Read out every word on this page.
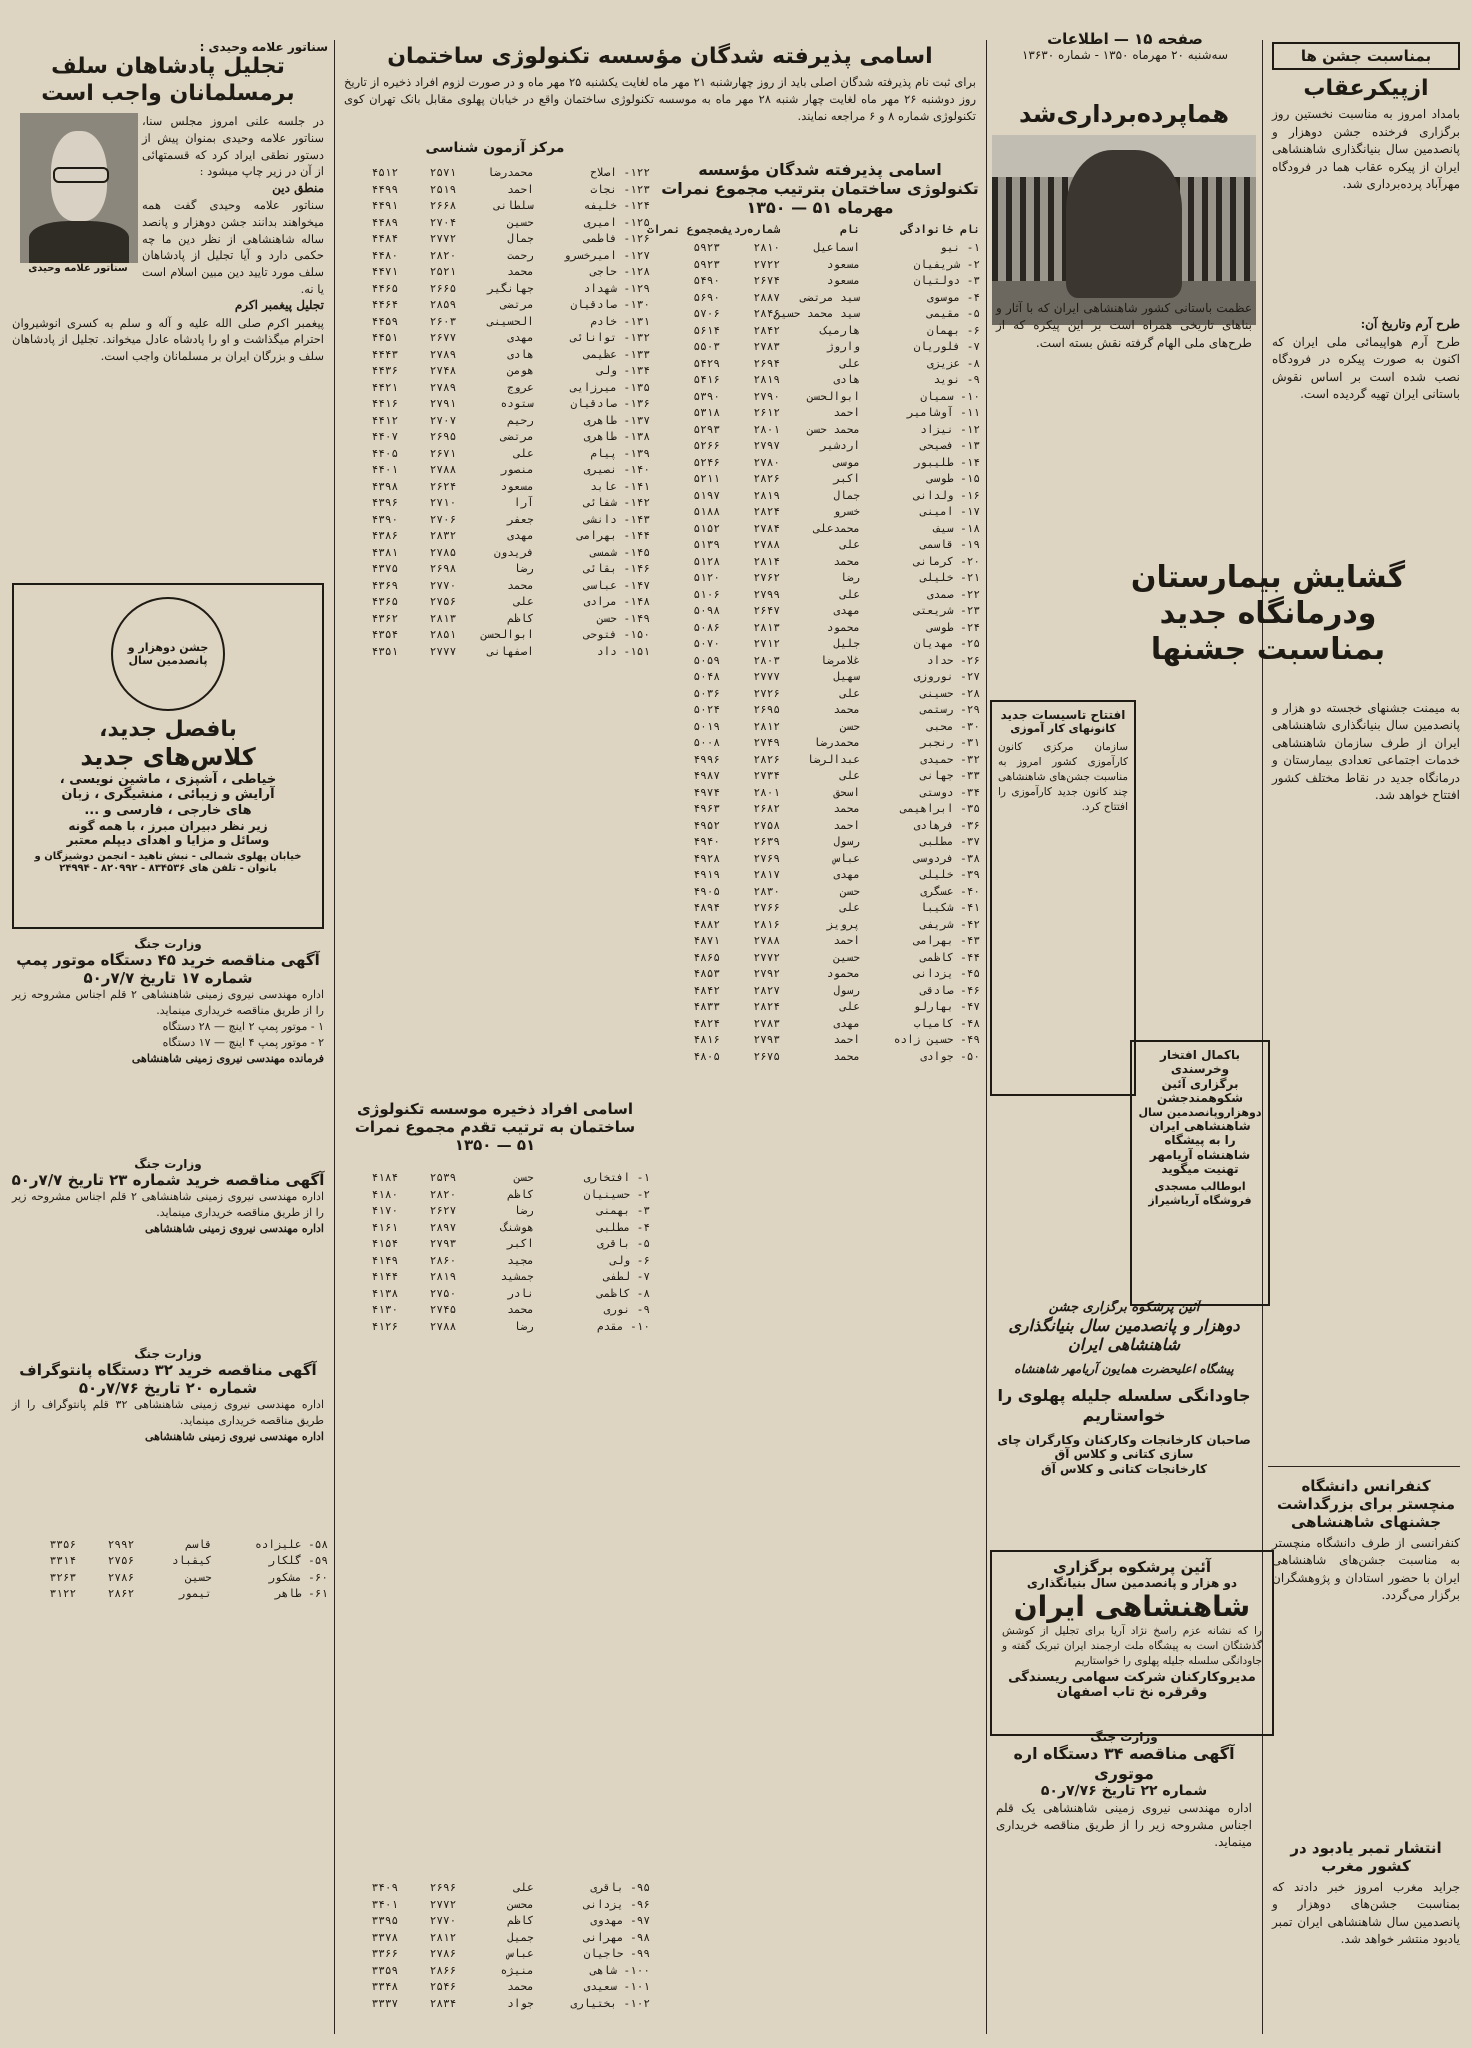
صفحه ۱۵ — اطلاعات
سه‌شنبه ۲۰ مهرماه ۱۳۵۰ - شماره ۱۳۶۳۰	بمناسبت جشن ها
ازپیکرعقاب
بامداد امروز به مناسبت نخستین روز برگزاری فرخنده جشن دوهزار و پانصدمین سال بنیانگذاری شاهنشاهی ایران از پیکره عقاب هما در فرودگاه مهرآباد پرده‌برداری شد.
طرح آرم وتاریخ آن:
طرح آرم هواپیمائی ملی ایران که اکنون به صورت پیکره در فرودگاه نصب شده است بر اساس نقوش باستانی ایران تهیه گردیده است.
هماپرده‌برداری‌شد
گشایش بیمارستان
ودرمانگاه جدید
بمناسبت جشنها
به میمنت جشنهای خجسته دو هزار و پانصدمین سال بنیانگذاری شاهنشاهی ایران از طرف سازمان شاهنشاهی خدمات اجتماعی تعدادی بیمارستان و درمانگاه جدید در نقاط مختلف کشور افتتاح خواهد شد.
کنفرانس دانشگاه منچستر برای بزرگداشت جشنهای شاهنشاهی
کنفرانسی از طرف دانشگاه منچستر به مناسبت جشن‌های شاهنشاهی ایران با حضور استادان و پژوهشگران برگزار می‌گردد.
انتشار تمبر یادبود در کشور مغرب
جراید مغرب امروز خبر دادند که بمناسبت جشن‌های دوهزار و پانصدمین سال شاهنشاهی ایران تمبر یادبود منتشر خواهد شد.
عظمت باستانی کشور شاهنشاهی ایران که با آثار و بناهای تاریخی همراه است بر این پیکره که از طرح‌های ملی الهام گرفته نقش بسته است.
افتتاح تاسیسات جدید
کانونهای کار آموزی
سازمان مرکزی کانون کارآموزی کشور امروز به مناسبت جشن‌های شاهنشاهی چند کانون جدید کارآموزی را افتتاح کرد.
باکمال افتخار
وخرسندی
برگزاری آئین
شکوهمندجشن
دوهزاروپانصدمین سال
شاهنشاهی ایران
را به پیشگاه
شاهنشاه آریامهر
تهنیت میگوید
ابوطالب مسجدی
فروشگاه آریاشیراز
آئین پرشکوه برگزاری جشن
دوهزار و پانصدمین سال بنیانگذاری
شاهنشاهی ایران
پیشگاه اعلیحضرت همایون آریامهر شاهنشاه
جاودانگی سلسله جلیله پهلوی را خواستاریم
صاحبان کارخانجات وکارکنان وکارگران چای سازی کتانی و کلاس آق
کارخانجات کتانی و کلاس آق
آئین پرشکوه برگزاری
دو هزار و پانصدمین سال بنیانگذاری
شاهنشاهی ایران
را که نشانه عزم راسخ نژاد آریا برای تجلیل از کوشش گذشتگان است به پیشگاه ملت ارجمند ایران تبریک گفته و جاودانگی سلسله جلیله پهلوی را خواستاریم
مدیروکارکنان شرکت سهامی ریسندگی وقرقره نخ تاب اصفهان
وزارت جنگ
آگهی مناقصه ۳۴ دستگاه اره موتوری
شماره ۲۲ تاریخ ۷/۷۶ر۵۰
اداره مهندسی نیروی زمینی شاهنشاهی یک قلم اجناس مشروحه زیر را از طریق مناقصه خریداری مینماید.
اسامی پذیرفته شدگان مؤسسه تکنولوژی ساختمان
برای ثبت نام پذیرفته شدگان اصلی باید از روز چهارشنبه ۲۱ مهر ماه لغایت یکشنبه ۲۵ مهر ماه و در صورت لزوم افراد ذخیره از تاریخ روز دوشنبه ۲۶ مهر ماه لغایت چهار شنبه ۲۸ مهر ماه به موسسه تکنولوژی ساختمان واقع در خیابان پهلوی مقابل بانک تهران کوی تکنولوژی شماره ۸ و ۶ مراجعه نمایند.
اسامی پذیرفته شدگان مؤسسه تکنولوژی ساختمان بترتیب مجموع نمرات
مهرماه ۵۱ — ۱۳۵۰
نام خانوادگی
نام
شماره‌ردیف
مجموع نمرات
۱- نیو
اسماعیل
۲۸۱۰
۵۹۲۳
۲- شریفیان
مسعود
۲۷۲۲
۵۹۲۳
۳- دولتیان
مسعود
۲۶۷۴
۵۴۹۰
۴- موسوی
سید مرتضی
۲۸۸۷
۵۶۹۰
۵- مقیمی
سید محمد حسین
۲۸۴۶
۵۷۰۶
۶- بهمان
هارمیک
۲۸۴۲
۵۶۱۴
۷- فلوریان
واروژ
۲۷۸۳
۵۵۰۳
۸- عزیزی
علی
۲۶۹۴
۵۴۲۹
۹- نوید
هادی
۲۸۱۹
۵۴۱۶
۱۰- سمیان
ابوالحسن
۲۷۹۰
۵۳۹۰
۱۱- آوشامیر
احمد
۲۶۱۲
۵۳۱۸
۱۲- نیزاد
محمد حسن
۲۸۰۱
۵۲۹۳
۱۳- فصیحی
اردشیر
۲۷۹۷
۵۲۶۶
۱۴- طلیبور
موسی
۲۷۸۰
۵۲۴۶
۱۵- طوسی
اکبر
۲۸۲۶
۵۲۱۱
۱۶- ولدانی
جمال
۲۸۱۹
۵۱۹۷
۱۷- امینی
خسرو
۲۸۲۴
۵۱۸۸
۱۸- سیف
محمدعلی
۲۷۸۴
۵۱۵۲
۱۹- قاسمی
علی
۲۷۸۸
۵۱۳۹
۲۰- کرمانی
محمد
۲۸۱۴
۵۱۲۸
۲۱- خلیلی
رضا
۲۷۶۲
۵۱۲۰
۲۲- صمدی
علی
۲۷۹۹
۵۱۰۶
۲۳- شریعتی
مهدی
۲۶۴۷
۵۰۹۸
۲۴- طوسی
محمود
۲۸۱۳
۵۰۸۶
۲۵- مهدیان
جلیل
۲۷۱۲
۵۰۷۰
۲۶- حداد
غلامرضا
۲۸۰۳
۵۰۵۹
۲۷- نوروزی
سهیل
۲۷۷۷
۵۰۴۸
۲۸- حسینی
علی
۲۷۲۶
۵۰۳۶
۲۹- رستمی
محمد
۲۶۹۵
۵۰۲۴
۳۰- محبی
حسن
۲۸۱۲
۵۰۱۹
۳۱- رنجبر
محمدرضا
۲۷۴۹
۵۰۰۸
۳۲- حمیدی
عبدالرضا
۲۸۲۶
۴۹۹۶
۳۳- جهانی
علی
۲۷۳۴
۴۹۸۷
۳۴- دوستی
اسحق
۲۸۰۱
۴۹۷۴
۳۵- ابراهیمی
محمد
۲۶۸۲
۴۹۶۳
۳۶- فرهادی
احمد
۲۷۵۸
۴۹۵۲
۳۷- مطلبی
رسول
۲۶۳۹
۴۹۴۰
۳۸- فردوسی
عباس
۲۷۶۹
۴۹۲۸
۳۹- خلیلی
مهدی
۲۸۱۷
۴۹۱۹
۴۰- عسگری
حسن
۲۸۳۰
۴۹۰۵
۴۱- شکیبا
علی
۲۷۶۶
۴۸۹۴
۴۲- شریفی
پرویز
۲۸۱۶
۴۸۸۲
۴۳- بهرامی
احمد
۲۷۸۸
۴۸۷۱
۴۴- کاظمی
حسین
۲۷۷۲
۴۸۶۵
۴۵- یزدانی
محمود
۲۷۹۲
۴۸۵۳
۴۶- صادقی
رسول
۲۸۲۷
۴۸۴۲
۴۷- بهارلو
علی
۲۸۲۴
۴۸۳۳
۴۸- کامیاب
مهدی
۲۷۸۳
۴۸۲۴
۴۹- حسین زاده
احمد
۲۷۹۳
۴۸۱۶
۵۰- جوادی
محمد
۲۶۷۵
۴۸۰۵
مرکز آزمون شناسی
۱۲۲- اصلاح
محمدرضا
۲۵۷۱
۴۵۱۲
۱۲۳- نجات
احمد
۲۵۱۹
۴۴۹۹
۱۲۴- خلیفه
سلطانی
۲۶۶۸
۴۴۹۱
۱۲۵- امیری
حسین
۲۷۰۴
۴۴۸۹
۱۲۶- فاطمی
جمال
۲۷۷۲
۴۴۸۴
۱۲۷- امیرخسرو
رحمت
۲۸۲۰
۴۴۸۰
۱۲۸- حاجی
محمد
۲۵۲۱
۴۴۷۱
۱۲۹- شهداد
جهانگیر
۲۶۶۵
۴۴۶۵
۱۳۰- صادقیان
مرتضی
۲۸۵۹
۴۴۶۴
۱۳۱- خادم
الحسینی
۲۶۰۳
۴۴۵۹
۱۳۲- توانائی
مهدی
۲۶۷۷
۴۴۵۱
۱۳۳- عظیمی
هادی
۲۷۸۹
۴۴۴۳
۱۳۴- ولی
هومن
۲۷۴۸
۴۴۳۶
۱۳۵- میرزایی
عروج
۲۷۸۹
۴۴۲۱
۱۳۶- صادقیان
ستوده
۲۷۹۱
۴۴۱۶
۱۳۷- طاهری
رحیم
۲۷۰۷
۴۴۱۲
۱۳۸- طاهری
مرتضی
۲۶۹۵
۴۴۰۷
۱۳۹- پیام
علی
۲۶۷۱
۴۴۰۵
۱۴۰- نصیری
منصور
۲۷۸۸
۴۴۰۱
۱۴۱- عابد
مسعود
۲۶۲۴
۴۳۹۸
۱۴۲- شفائی
آرا
۲۷۱۰
۴۳۹۶
۱۴۳- دانشی
جعفر
۲۷۰۶
۴۳۹۰
۱۴۴- بهرامی
مهدی
۲۸۳۲
۴۳۸۶
۱۴۵- شمسی
فریدون
۲۷۸۵
۴۳۸۱
۱۴۶- بقائی
رضا
۲۶۹۸
۴۳۷۵
۱۴۷- عباسی
محمد
۲۷۷۰
۴۳۶۹
۱۴۸- مرادی
علی
۲۷۵۶
۴۳۶۵
۱۴۹- حسن
کاظم
۲۸۱۳
۴۳۶۲
۱۵۰- فتوحی
ابوالحسن
۲۸۵۱
۴۳۵۴
۱۵۱- داد
اصفهانی
۲۷۷۷
۴۳۵۱
اسامی افراد ذخیره موسسه تکنولوژی ساختمان به ترتیب تقدم مجموع نمرات
۵۱ — ۱۳۵۰
۱- افتخاری
حسن
۲۵۳۹
۴۱۸۴
۲- حسینیان
کاظم
۲۸۲۰
۴۱۸۰
۳- بهمنی
رضا
۲۶۲۷
۴۱۷۰
۴- مطلبی
هوشنگ
۲۸۹۷
۴۱۶۱
۵- باقری
اکبر
۲۷۹۳
۴۱۵۴
۶- ولی
مجید
۲۸۶۰
۴۱۴۹
۷- لطفی
جمشید
۲۸۱۹
۴۱۴۴
۸- کاظمی
نادر
۲۷۵۰
۴۱۳۸
۹- نوری
محمد
۲۷۴۵
۴۱۳۰
۱۰- مقدم
رضا
۲۷۸۸
۴۱۲۶
۹۵- باقری
علی
۲۶۹۶
۳۴۰۹
۹۶- یزدانی
محسن
۲۷۷۲
۳۴۰۱
۹۷- مهدوی
کاظم
۲۷۷۰
۳۳۹۵
۹۸- مهرانی
جمیل
۲۸۱۲
۳۳۷۸
۹۹- حاجیان
عباس
۲۷۸۶
۳۳۶۶
۱۰۰- شاهی
منیژه
۲۸۶۶
۳۳۵۹
۱۰۱- سعیدی
محمد
۲۵۴۶
۳۳۴۸
۱۰۲- بختیاری
جواد
۲۸۳۴
۳۳۳۷
سناتور علامه وحیدی :
تجلیل پادشاهان سلف
برمسلمانان واجب است
در جلسه علنی امروز مجلس سنا، سناتور علامه وحیدی بمنوان پیش از دستور نطقی ایراد کرد که قسمتهائی از آن در زیر چاپ میشود :
منطق دین
سناتور علامه وحیدی گفت همه میخواهند بدانند جشن دوهزار و پانصد ساله شاهنشاهی از نظر دین ما چه حکمی دارد و آیا تجلیل از پادشاهان سلف مورد تایید دین مبین اسلام است یا نه.
سناتور علامه وحیدی
تجلیل پیغمبر اکرم
پیغمبر اکرم صلی الله علیه و آله و سلم به کسری انوشیروان احترام میگذاشت و او را پادشاه عادل میخواند. تجلیل از پادشاهان سلف و بزرگان ایران بر مسلمانان واجب است.
جشن دوهزار و پانصدمین سال
بافصل جدید،
کلاس‌های جدید
خیاطی ، آشپزی ، ماشین نویسی ،
آرایش و زیبائی ، منشیگری ، زبان
های خارجی ، فارسی و ...
زیر نظر دبیران مبرز ، با همه گونه
وسائل و مزایا و اهدای دیپلم معتبر
خیابان پهلوی شمالی - نبش ناهید - انجمن دوشیزگان و بانوان - تلفن های ۸۳۴۵۳۶ - ۸۲۰۹۹۲ - ۲۴۹۹۴
وزارت جنگ
آگهی مناقصه خرید ۴۵ دستگاه موتور پمپ شماره ۱۷ تاریخ ۷/۷ر۵۰
اداره مهندسی نیروی زمینی شاهنشاهی ۲ قلم اجناس مشروحه زیر را از طریق مناقصه خریداری مینماید.
۱ - موتور پمپ ۲ اینچ — ۲۸ دستگاه
۲ - موتور پمپ ۴ اینچ — ۱۷ دستگاه
فرمانده مهندسی نیروی زمینی شاهنشاهی
وزارت جنگ
آگهی مناقصه خرید شماره ۲۳ تاریخ ۷/۷ر۵۰
اداره مهندسی نیروی زمینی شاهنشاهی ۲ قلم اجناس مشروحه زیر را از طریق مناقصه خریداری مینماید.
اداره مهندسی نیروی زمینی شاهنشاهی
وزارت جنگ
آگهی مناقصه خرید ۳۲ دستگاه پانتوگراف شماره ۲۰ تاریخ ۷/۷۶ر۵۰
اداره مهندسی نیروی زمینی شاهنشاهی ۳۲ قلم پانتوگراف را از طریق مناقصه خریداری مینماید.
اداره مهندسی نیروی زمینی شاهنشاهی
۵۸- علیزاده
قاسم
۲۹۹۲
۳۳۵۶
۵۹- گلکار
کیقباد
۲۷۵۶
۳۳۱۴
۶۰- مشکور
حسین
۲۷۸۶
۳۲۶۳
۶۱- طاهر
تیمور
۲۸۶۲
۳۱۲۲
